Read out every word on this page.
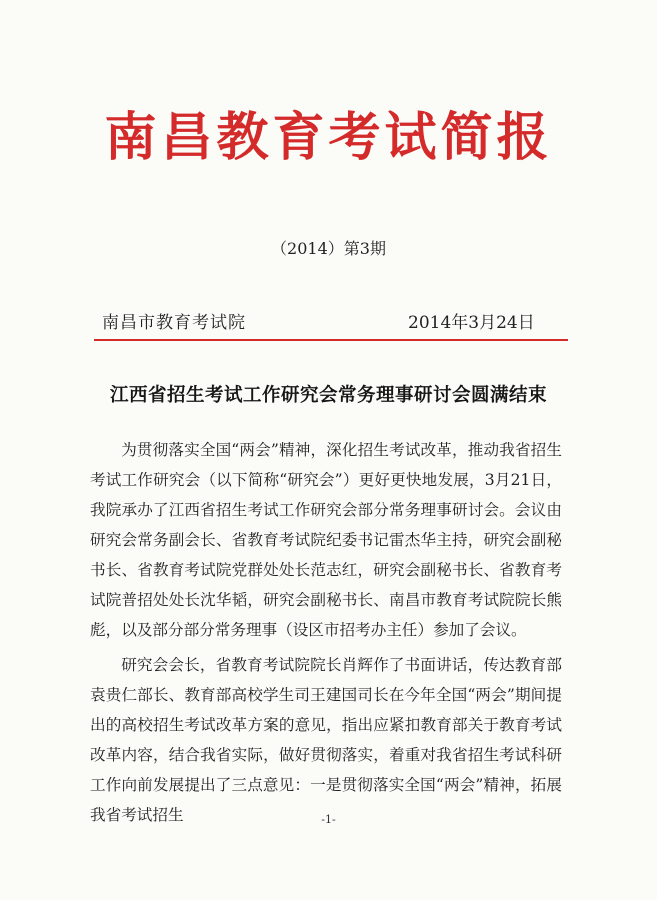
南昌教育考试简报
（2014）第3期
南昌市教育考试院	2014年3月24日
江西省招生考试工作研究会常务理事研讨会圆满结束

为贯彻落实全国“两会”精神，深化招生考试改革，推动我省招生考试工作研究会（以下简称“研究会”）更好更快地发展，3月21日，我院承办了江西省招生考试工作研究会部分常务理事研讨会。会议由研究会常务副会长、省教育考试院纪委书记雷杰华主持，研究会副秘书长、省教育考试院党群处处长范志红，研究会副秘书长、省教育考试院普招处处长沈华韬，研究会副秘书长、南昌市教育考试院院长熊彪，以及部分部分常务理事（设区市招考办主任）参加了会议。

研究会会长，省教育考试院院长肖辉作了书面讲话，传达教育部袁贵仁部长、教育部高校学生司王建国司长在今年全国“两会”期间提出的高校招生考试改革方案的意见，指出应紧扣教育部关于教育考试改革内容，结合我省实际，做好贯彻落实，着重对我省招生考试科研工作向前发展提出了三点意见：一是贯彻落实全国“两会”精神，拓展我省考试招生	-1-
